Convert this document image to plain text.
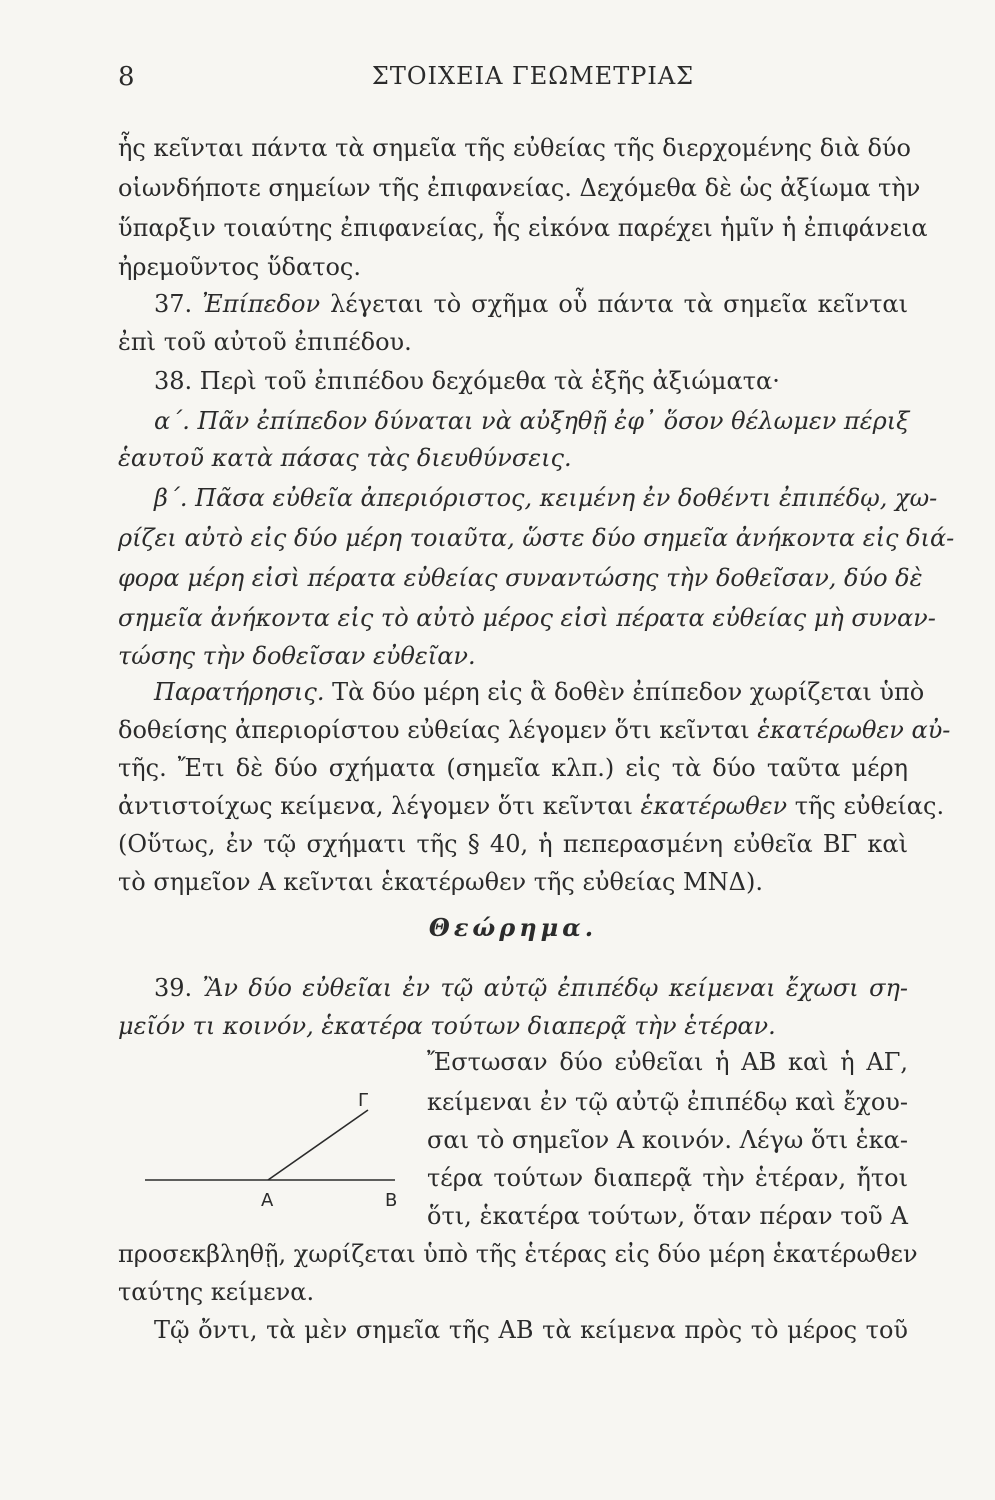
8	ΣΤΟΙΧΕΙΑ ΓΕΩΜΕΤΡΙΑΣ
ἧς κεῖνται πάντα τὰ σημεῖα τῆς εὐθείας τῆς διερχομένης διὰ δύο
οἱωνδήποτε σημείων τῆς ἐπιφανείας. Δεχόμεθα δὲ ὡς ἀξίωμα τὴν
ὕπαρξιν τοιαύτης ἐπιφανείας, ἧς εἰκόνα παρέχει ἡμῖν ἡ ἐπιφάνεια
ἠρεμοῦντος ὕδατος.
37. Ἐπίπεδον λέγεται τὸ σχῆμα οὗ πάντα τὰ σημεῖα κεῖνται
ἐπὶ τοῦ αὐτοῦ ἐπιπέδου.
38. Περὶ τοῦ ἐπιπέδου δεχόμεθα τὰ ἑξῆς ἀξιώματα·
α΄. Πᾶν ἐπίπεδον δύναται νὰ αὐξηθῇ ἐφ᾽ ὅσον θέλωμεν πέριξ
ἑαυτοῦ κατὰ πάσας τὰς διευθύνσεις.
β΄. Πᾶσα εὐθεῖα ἀπεριόριστος, κειμένη ἐν δοθέντι ἐπιπέδῳ, χω-
ρίζει αὐτὸ εἰς δύο μέρη τοιαῦτα, ὥστε δύο σημεῖα ἀνήκοντα εἰς διά-
φορα μέρη εἰσὶ πέρατα εὐθείας συναντώσης τὴν δοθεῖσαν, δύο δὲ
σημεῖα ἀνήκοντα εἰς τὸ αὐτὸ μέρος εἰσὶ πέρατα εὐθείας μὴ συναν-
τώσης τὴν δοθεῖσαν εὐθεῖαν.
Παρατήρησις. Τὰ δύο μέρη εἰς ἃ δοθὲν ἐπίπεδον χωρίζεται ὑπὸ
δοθείσης ἀπεριορίστου εὐθείας λέγομεν ὅτι κεῖνται ἑκατέρωθεν αὐ-
τῆς. Ἔτι δὲ δύο σχήματα (σημεῖα κλπ.) εἰς τὰ δύο ταῦτα μέρη
ἀντιστοίχως κείμενα, λέγομεν ὅτι κεῖνται ἑκατέρωθεν τῆς εὐθείας.
(Οὕτως, ἐν τῷ σχήματι τῆς § 40, ἡ πεπερασμένη εὐθεῖα ΒΓ καὶ
τὸ σημεῖον Α κεῖνται ἑκατέρωθεν τῆς εὐθείας ΜΝΔ).
Θεώρημα.
39. Ἂν δύο εὐθεῖαι ἐν τῷ αὐτῷ ἐπιπέδῳ κείμεναι ἔχωσι ση-
μεῖόν τι κοινόν, ἑκατέρα τούτων διαπερᾷ τὴν ἑτέραν.
Ἔστωσαν δύο εὐθεῖαι ἡ ΑΒ καὶ ἡ ΑΓ,
κείμεναι ἐν τῷ αὐτῷ ἐπιπέδῳ καὶ ἔχου-
σαι τὸ σημεῖον Α κοινόν. Λέγω ὅτι ἑκα-
τέρα τούτων διαπερᾷ τὴν ἑτέραν, ἤτοι
ὅτι, ἑκατέρα τούτων, ὅταν πέραν τοῦ Α
Γ
Α	Β
προσεκβληθῇ, χωρίζεται ὑπὸ τῆς ἑτέρας εἰς δύο μέρη ἑκατέρωθεν
ταύτης κείμενα.
Τῷ ὄντι, τὰ μὲν σημεῖα τῆς ΑΒ τὰ κείμενα πρὸς τὸ μέρος τοῦ
